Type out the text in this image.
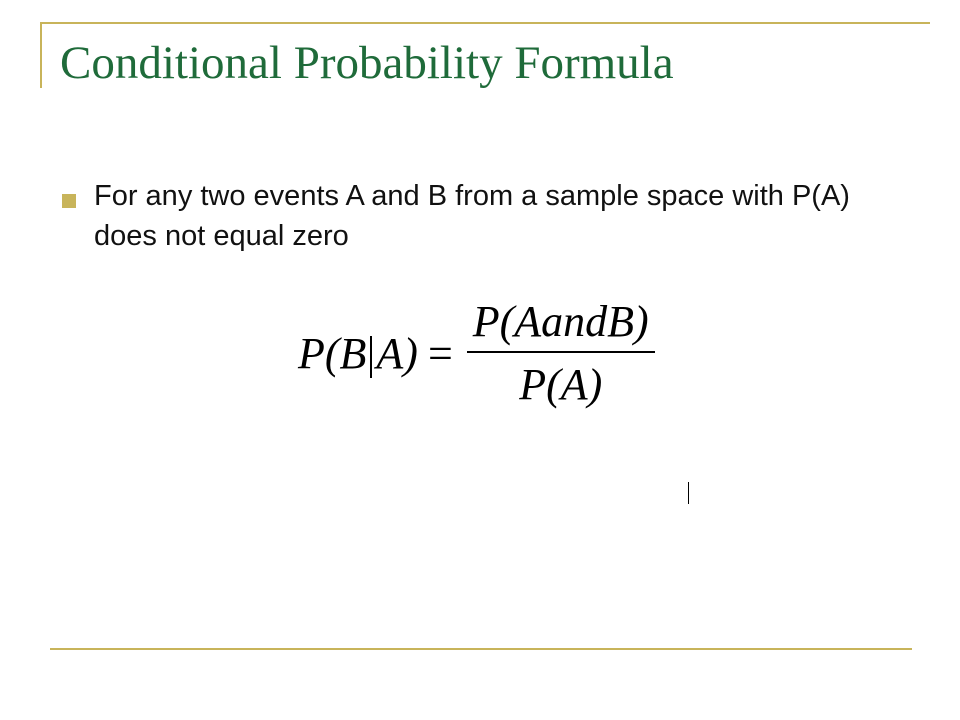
Conditional Probability Formula
For any two events A and B from a sample space with P(A) does not equal zero
P(B $A) = \frac{\text{P(AandB)}}{P(A)}$
